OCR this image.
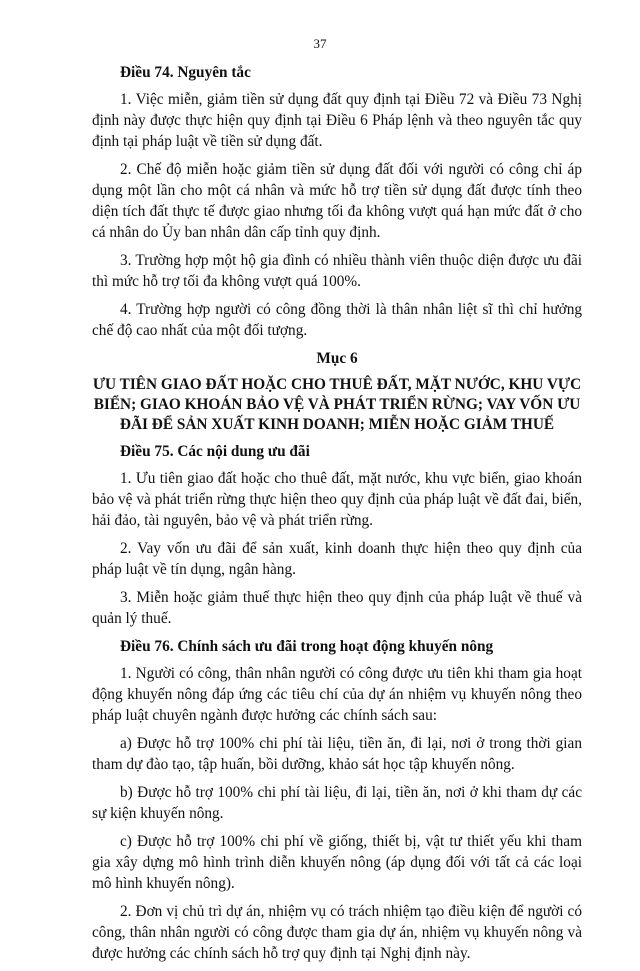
37
Điều 74. Nguyên tắc

1. Việc miễn, giảm tiền sử dụng đất quy định tại Điều 72 và Điều 73 Nghị định này được thực hiện quy định tại Điều 6 Pháp lệnh và theo nguyên tắc quy định tại pháp luật về tiền sử dụng đất.

2. Chế độ miễn hoặc giảm tiền sử dụng đất đối với người có công chỉ áp dụng một lần cho một cá nhân và mức hỗ trợ tiền sử dụng đất được tính theo diện tích đất thực tế được giao nhưng tối đa không vượt quá hạn mức đất ở cho cá nhân do Ủy ban nhân dân cấp tỉnh quy định.

3. Trường hợp một hộ gia đình có nhiều thành viên thuộc diện được ưu đãi thì mức hỗ trợ tối đa không vượt quá 100%.

4. Trường hợp người có công đồng thời là thân nhân liệt sĩ thì chỉ hưởng chế độ cao nhất của một đối tượng.

Mục 6
ƯU TIÊN GIAO ĐẤT HOẶC CHO THUÊ ĐẤT, MẶT NƯỚC, KHU VỰC BIỂN; GIAO KHOÁN BẢO VỆ VÀ PHÁT TRIỂN RỪNG; VAY VỐN ƯU ĐÃI ĐỂ SẢN XUẤT KINH DOANH; MIỄN HOẶC GIẢM THUẾ
Điều 75. Các nội dung ưu đãi

1. Ưu tiên giao đất hoặc cho thuê đất, mặt nước, khu vực biển, giao khoán bảo vệ và phát triển rừng thực hiện theo quy định của pháp luật về đất đai, biển, hải đảo, tài nguyên, bảo vệ và phát triển rừng.

2. Vay vốn ưu đãi để sản xuất, kinh doanh thực hiện theo quy định của pháp luật về tín dụng, ngân hàng.

3. Miễn hoặc giảm thuế thực hiện theo quy định của pháp luật về thuế và quản lý thuế.

Điều 76. Chính sách ưu đãi trong hoạt động khuyến nông

1. Người có công, thân nhân người có công được ưu tiên khi tham gia hoạt động khuyến nông đáp ứng các tiêu chí của dự án nhiệm vụ khuyến nông theo pháp luật chuyên ngành được hưởng các chính sách sau:

a) Được hỗ trợ 100% chi phí tài liệu, tiền ăn, đi lại, nơi ở trong thời gian tham dự đào tạo, tập huấn, bồi dưỡng, khảo sát học tập khuyến nông.

b) Được hỗ trợ 100% chi phí tài liệu, đi lại, tiền ăn, nơi ở khi tham dự các sự kiện khuyến nông.

c) Được hỗ trợ 100% chi phí về giống, thiết bị, vật tư thiết yếu khi tham gia xây dựng mô hình trình diễn khuyến nông (áp dụng đối với tất cả các loại mô hình khuyến nông).

2. Đơn vị chủ trì dự án, nhiệm vụ có trách nhiệm tạo điều kiện để người có công, thân nhân người có công được tham gia dự án, nhiệm vụ khuyến nông và được hưởng các chính sách hỗ trợ quy định tại Nghị định này.
